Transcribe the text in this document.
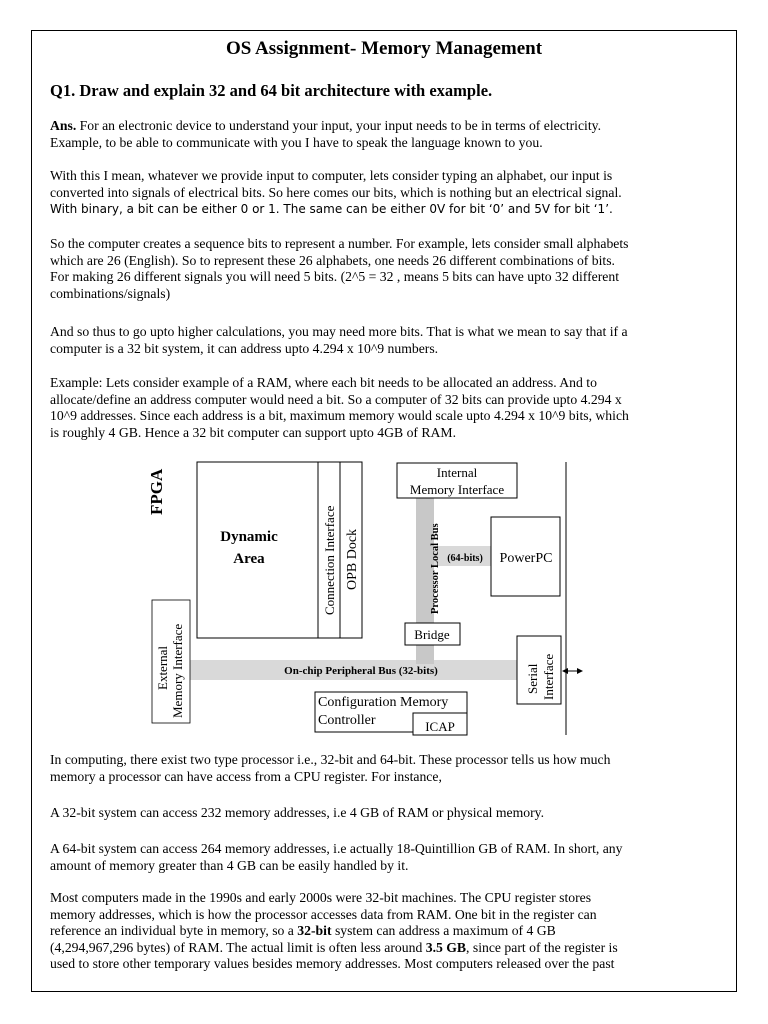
OS Assignment- Memory Management
Q1. Draw and explain 32 and 64 bit architecture with example.
Ans. For an electronic device to understand your input, your input needs to be in terms of electricity.
Example, to be able to communicate with you I have to speak the language known to you.
With this I mean, whatever we provide input to computer, lets consider typing an alphabet, our input is
converted into signals of electrical bits. So here comes our bits, which is nothing but an electrical signal.
With binary, a bit can be either 0 or 1. The same can be either 0V for bit ‘0’ and 5V for bit ‘1’.
So the computer creates a sequence bits to represent a number. For example, lets consider small alphabets
which are 26 (English). So to represent these 26 alphabets, one needs 26 different combinations of bits.
For making 26 different signals you will need 5 bits. (2^5 = 32 , means 5 bits can have upto 32 different
combinations/signals)
And so thus to go upto higher calculations, you may need more bits. That is what we mean to say that if a
computer is a 32 bit system, it can address upto 4.294 x 10^9 numbers.
Example: Lets consider example of a RAM, where each bit needs to be allocated an address. And to
allocate/define an address computer would need a bit. So a computer of 32 bits can provide upto 4.294 x
10^9 addresses. Since each address is a bit, maximum memory would scale upto 4.294 x 10^9 bits, which
is roughly 4 GB. Hence a 32 bit computer can support upto 4GB of RAM.
FPGA
Dynamic
Area	Connection Interface OPB Dock
Internal
Memory Interface
Processor Local Bus (64-bits) PowerPC
Bridge
External Memory Interface	On-chip Peripheral Bus (32-bits)	Serial Interface
Configuration Memory
Controller	ICAP
In computing, there exist two type processor i.e., 32-bit and 64-bit. These processor tells us how much
memory a processor can have access from a CPU register. For instance,
A 32-bit system can access 232 memory addresses, i.e 4 GB of RAM or physical memory.
A 64-bit system can access 264 memory addresses, i.e actually 18-Quintillion GB of RAM. In short, any
amount of memory greater than 4 GB can be easily handled by it.
Most computers made in the 1990s and early 2000s were 32-bit machines. The CPU register stores
memory addresses, which is how the processor accesses data from RAM. One bit in the register can
reference an individual byte in memory, so a 32-bit system can address a maximum of 4 GB
(4,294,967,296 bytes) of RAM. The actual limit is often less around 3.5 GB, since part of the register is
used to store other temporary values besides memory addresses. Most computers released over the past
